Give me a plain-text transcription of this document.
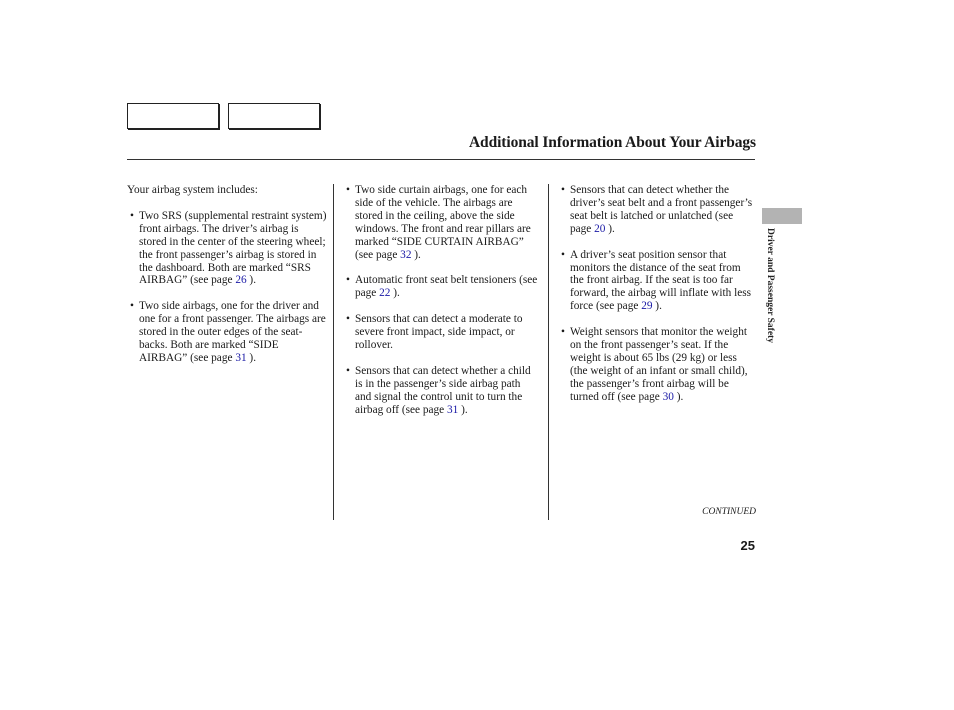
Additional Information About Your Airbags

Your airbag system includes:

• Two SRS (supplemental restraint system) front airbags. The driver’s airbag is stored in the center of the steering wheel; the front passenger’s airbag is stored in the dashboard. Both are marked “SRS AIRBAG” (see page 26 ).
• Two side airbags, one for the driver and one for a front passenger. The airbags are stored in the outer edges of the seat-backs. Both are marked “SIDE AIRBAG” (see page 31 ).
• Two side curtain airbags, one for each side of the vehicle. The airbags are stored in the ceiling, above the side windows. The front and rear pillars are marked “SIDE CURTAIN AIRBAG” (see page 32 ).
• Automatic front seat belt tensioners (see page 22 ).
• Sensors that can detect a moderate to severe front impact, side impact, or rollover.
• Sensors that can detect whether a child is in the passenger’s side airbag path and signal the control unit to turn the airbag off (see page 31 ).
• Sensors that can detect whether the driver’s seat belt and a front passenger’s seat belt is latched or unlatched (see page 20 ).
• A driver’s seat position sensor that monitors the distance of the seat from the front airbag. If the seat is too far forward, the airbag will inflate with less force (see page 29 ).
• Weight sensors that monitor the weight on the front passenger’s seat. If the weight is about 65 lbs (29 kg) or less (the weight of an infant or small child), the passenger’s front airbag will be turned off (see page 30 ).
Driver and Passenger Safety
CONTINUED
25
